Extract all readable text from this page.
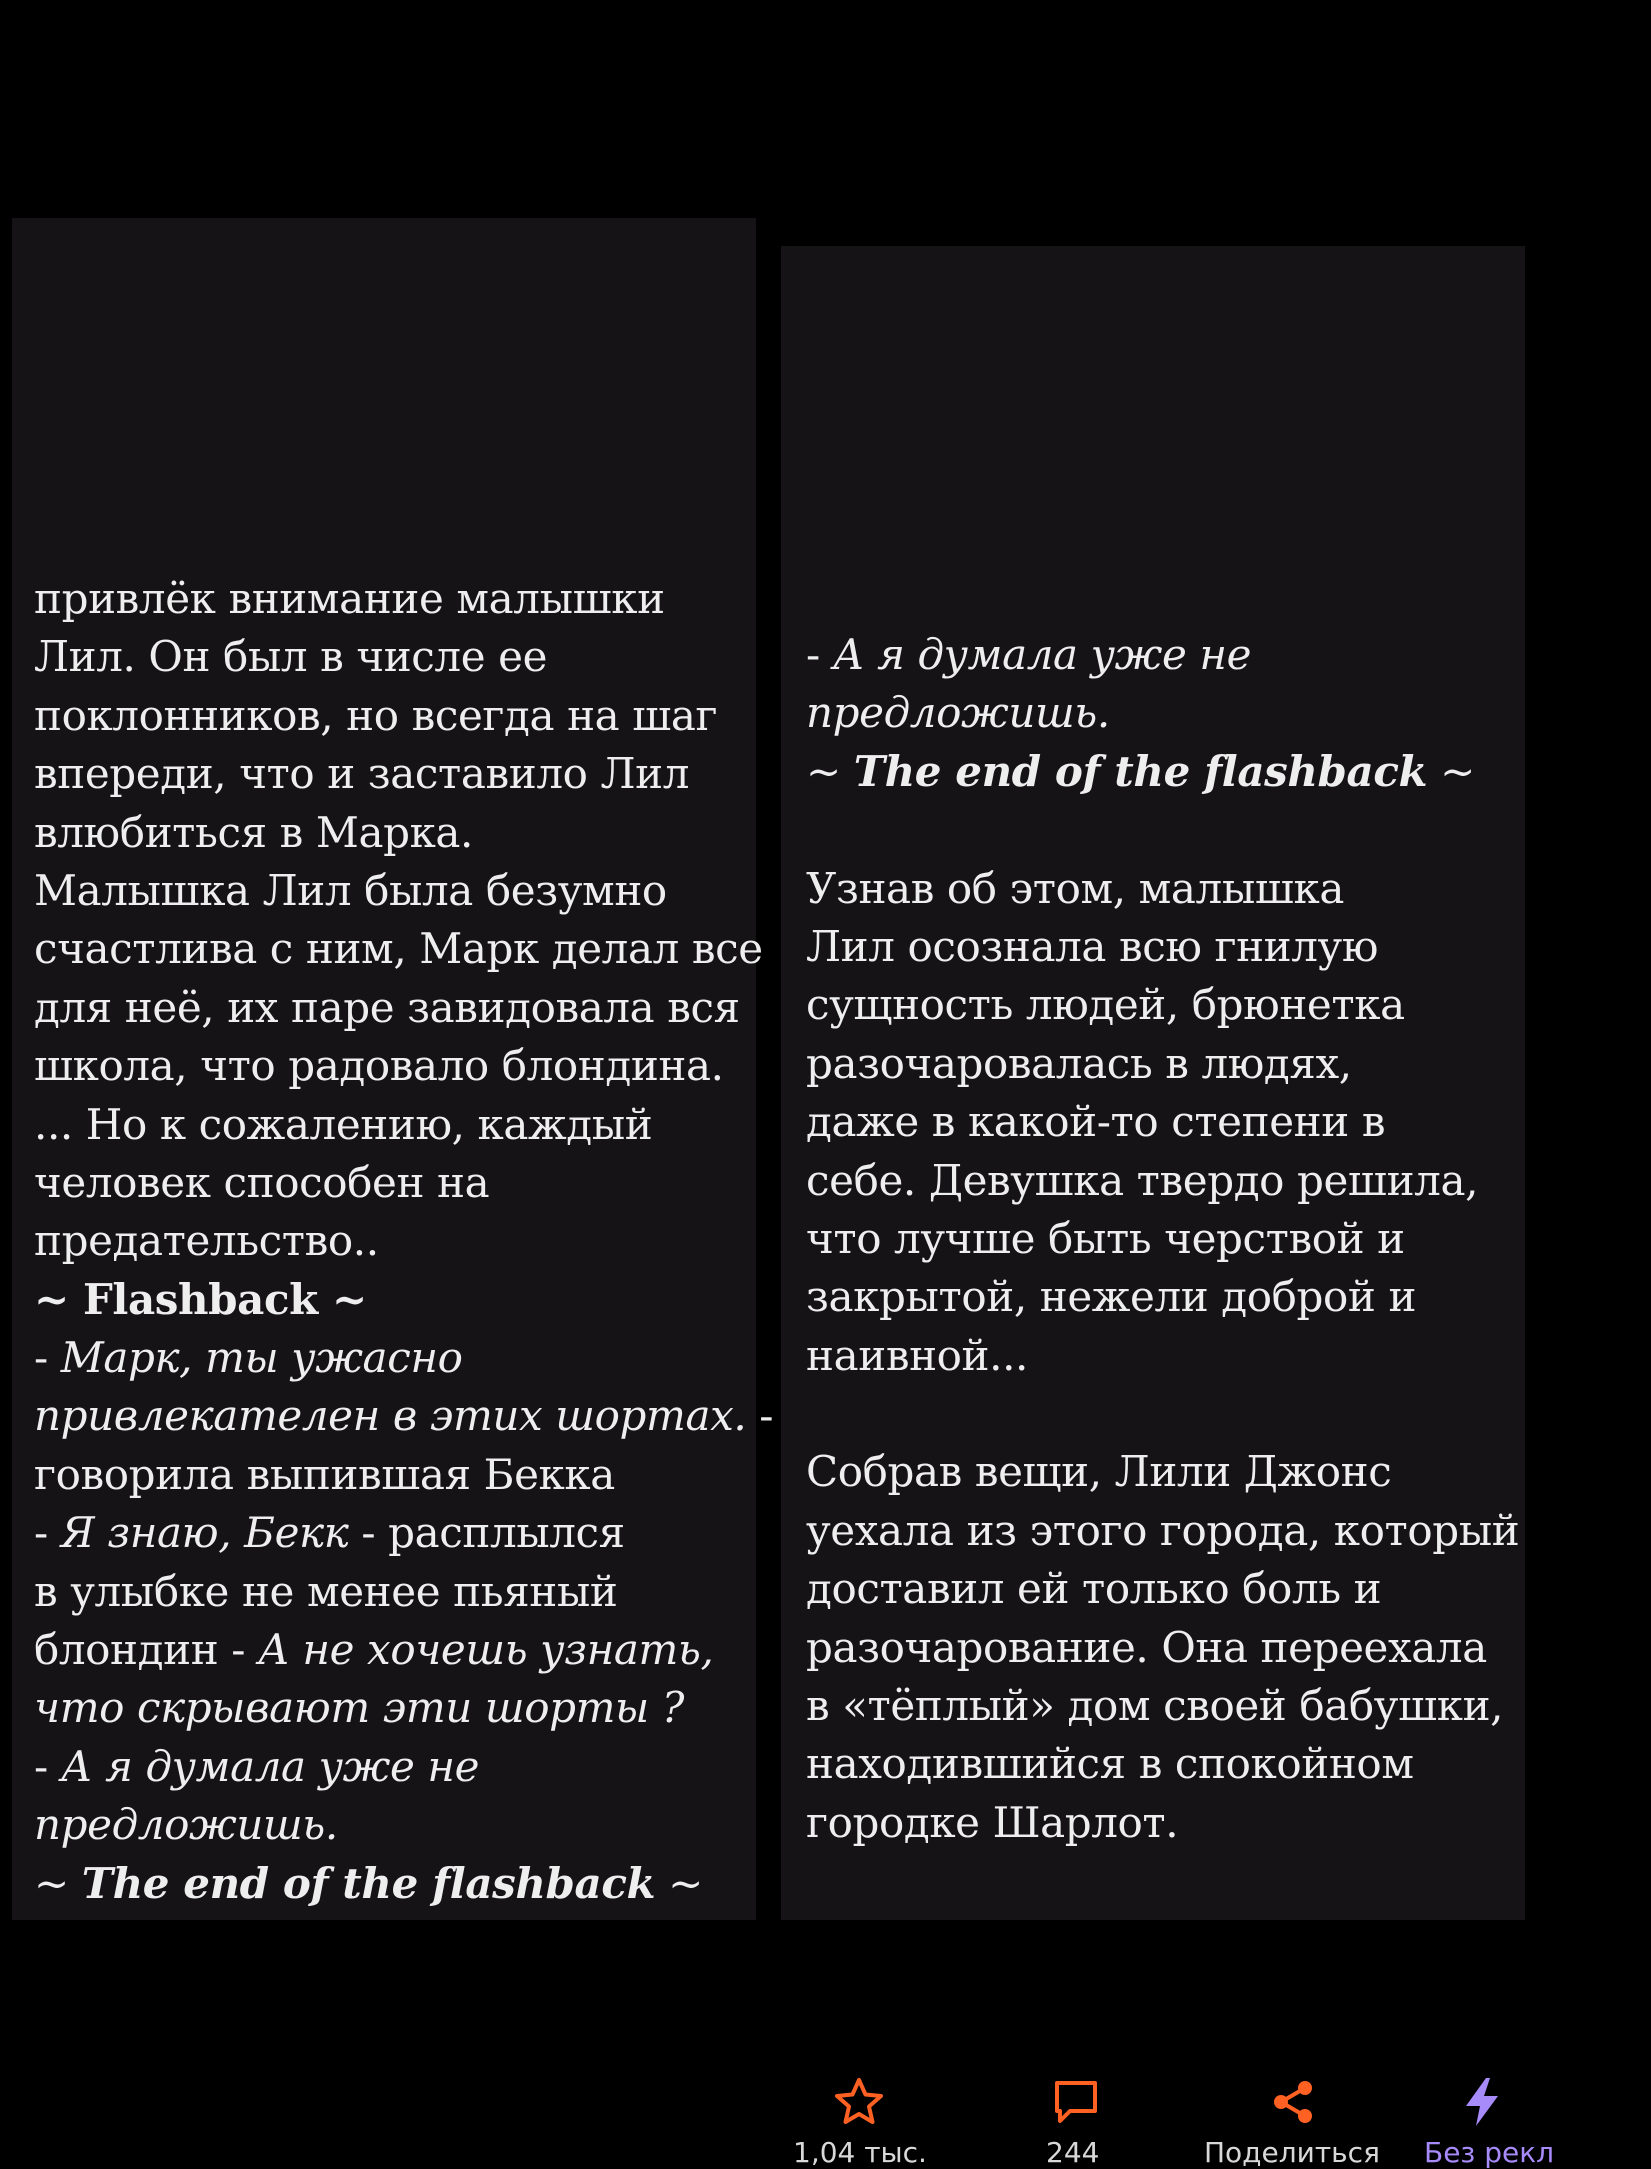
привлёк внимание малышки
Лил. Он был в числе ее
поклонников, но всегда на шаг
впереди, что и заставило Лил
влюбиться в Марка.
Малышка Лил была безумно
счастлива с ним, Марк делал все
для неё, их паре завидовала вся
школа, что радовало блондина.
... Но к сожалению, каждый
человек способен на
предательство..
~ Flashback ~
- Марк, ты ужасно
привлекателен в этих шортах. -
говорила выпившая Бекка
- Я знаю, Бекк - расплылся
в улыбке не менее пьяный
блондин - А не хочешь узнать,
что скрывают эти шорты ?
- А я думала уже не
предложишь.
~ The end of the flashback ~
- А я думала уже не
предложишь.
~ The end of the flashback ~
Узнав об этом, малышка
Лил осознала всю гнилую
сущность людей, брюнетка
разочаровалась в людях,
даже в какой-то степени в
себе. Девушка твердо решила,
что лучше быть черствой и
закрытой, нежели доброй и
наивной...
Собрав вещи, Лили Джонс
уехала из этого города, который
доставил ей только боль и
разочарование. Она переехала
в «тёплый» дом своей бабушки,
находившийся в спокойном
городке Шарлот.
1,04 тыс.	244	Поделиться Без рекл
